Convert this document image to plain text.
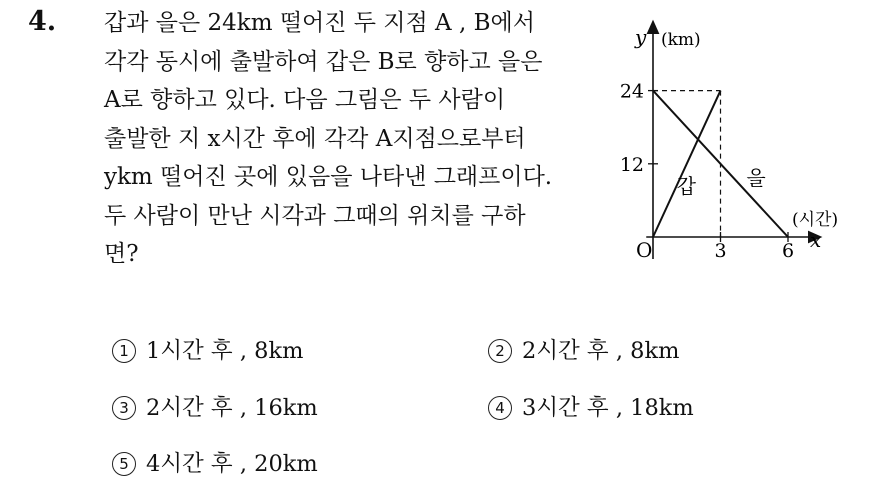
4. 갑과 을은 24km 떨어진 두 지점 A , B에서
각각 동시에 출발하여 갑은 B로 향하고 을은
A로 향하고 있다. 다음 그림은 두 사람이
출발한 지 x시간 후에 각각 A지점으로부터
ykm 떨어진 곳에 있음을 나타낸 그래프이다.
두 사람이 만난 시각과 그때의 위치를 구하
면?
y (km)
x
(시간)
O	3	6
12
24
갑	을
1 1시간 후 , 8km	2 2시간 후 , 8km
3 2시간 후 , 16km	4 3시간 후 , 18km
5 4시간 후 , 20km
